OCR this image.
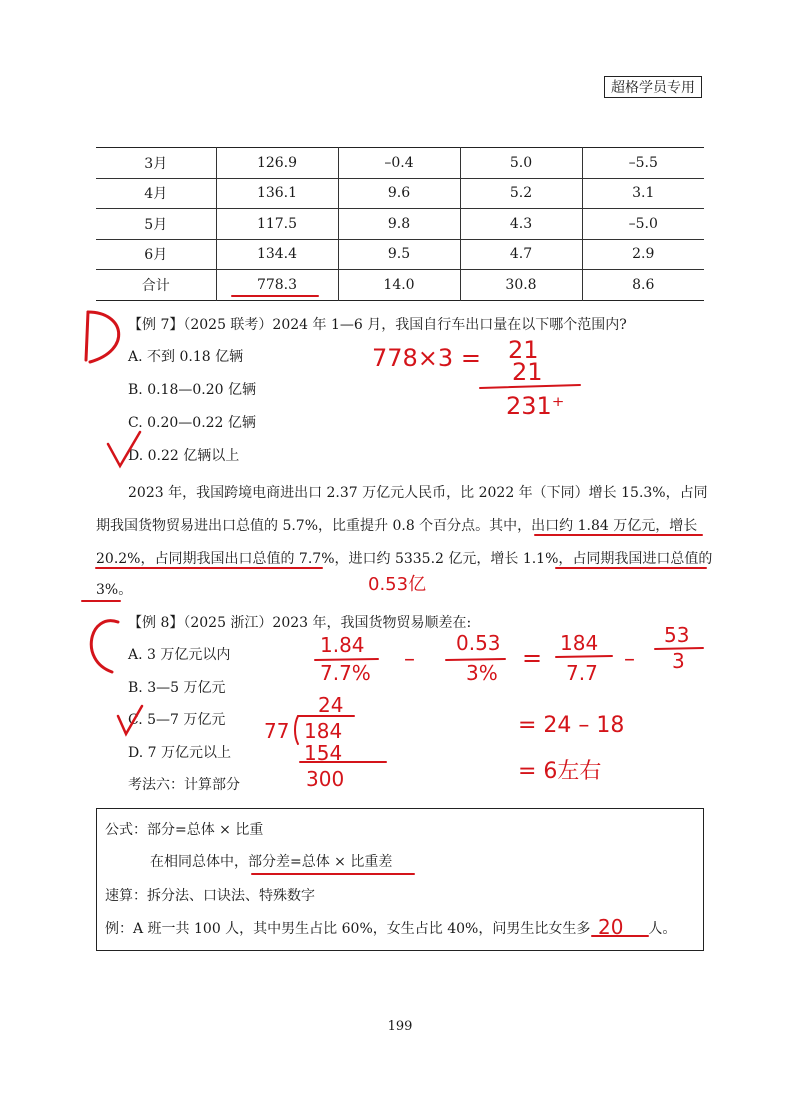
超格学员专用
3月	126.9	–0.4	5.0	–5.5
4月	136.1	9.6	5.2	3.1
5月	117.5	9.8	4.3	–5.0
6月	134.4	9.5	4.7	2.9
合计	778.3	14.0	30.8	8.6
【例 7】（2025 联考）2024 年 1—6 月，我国自行车出口量在以下哪个范围内?
A. 不到 0.18 亿辆
B. 0.18—0.20 亿辆
C. 0.20—0.22 亿辆
D. 0.22 亿辆以上
2023 年，我国跨境电商进出口 2.37 万亿元人民币，比 2022 年（下同）增长 15.3%，占同
期我国货物贸易进出口总值的 5.7%，比重提升 0.8 个百分点。其中，出口约 1.84 万亿元，增长
20.2%，占同期我国出口总值的 7.7%，进口约 5335.2 亿元，增长 1.1%，占同期我国进口总值的
3%。
【例 8】（2025 浙江）2023 年，我国货物贸易顺差在:
A. 3 万亿元以内
B. 3—5 万亿元
C. 5—7 万亿元
D. 7 万亿元以上
考法六：计算部分
公式：部分=总体 × 比重
在相同总体中，部分差=总体 × 比重差
速算：拆分法、口诀法、特殊数字
例：A 班一共 100 人，其中男生占比 60%，女生占比 40%，问男生比女生多	人。
199
778×3 = 21
21
231⁺
0.53亿
1.84
7.7%
–
0.53
3%
=
184
7.7
–
53
3
24
77 184
154
300
= 24 – 18
= 6左右
20
